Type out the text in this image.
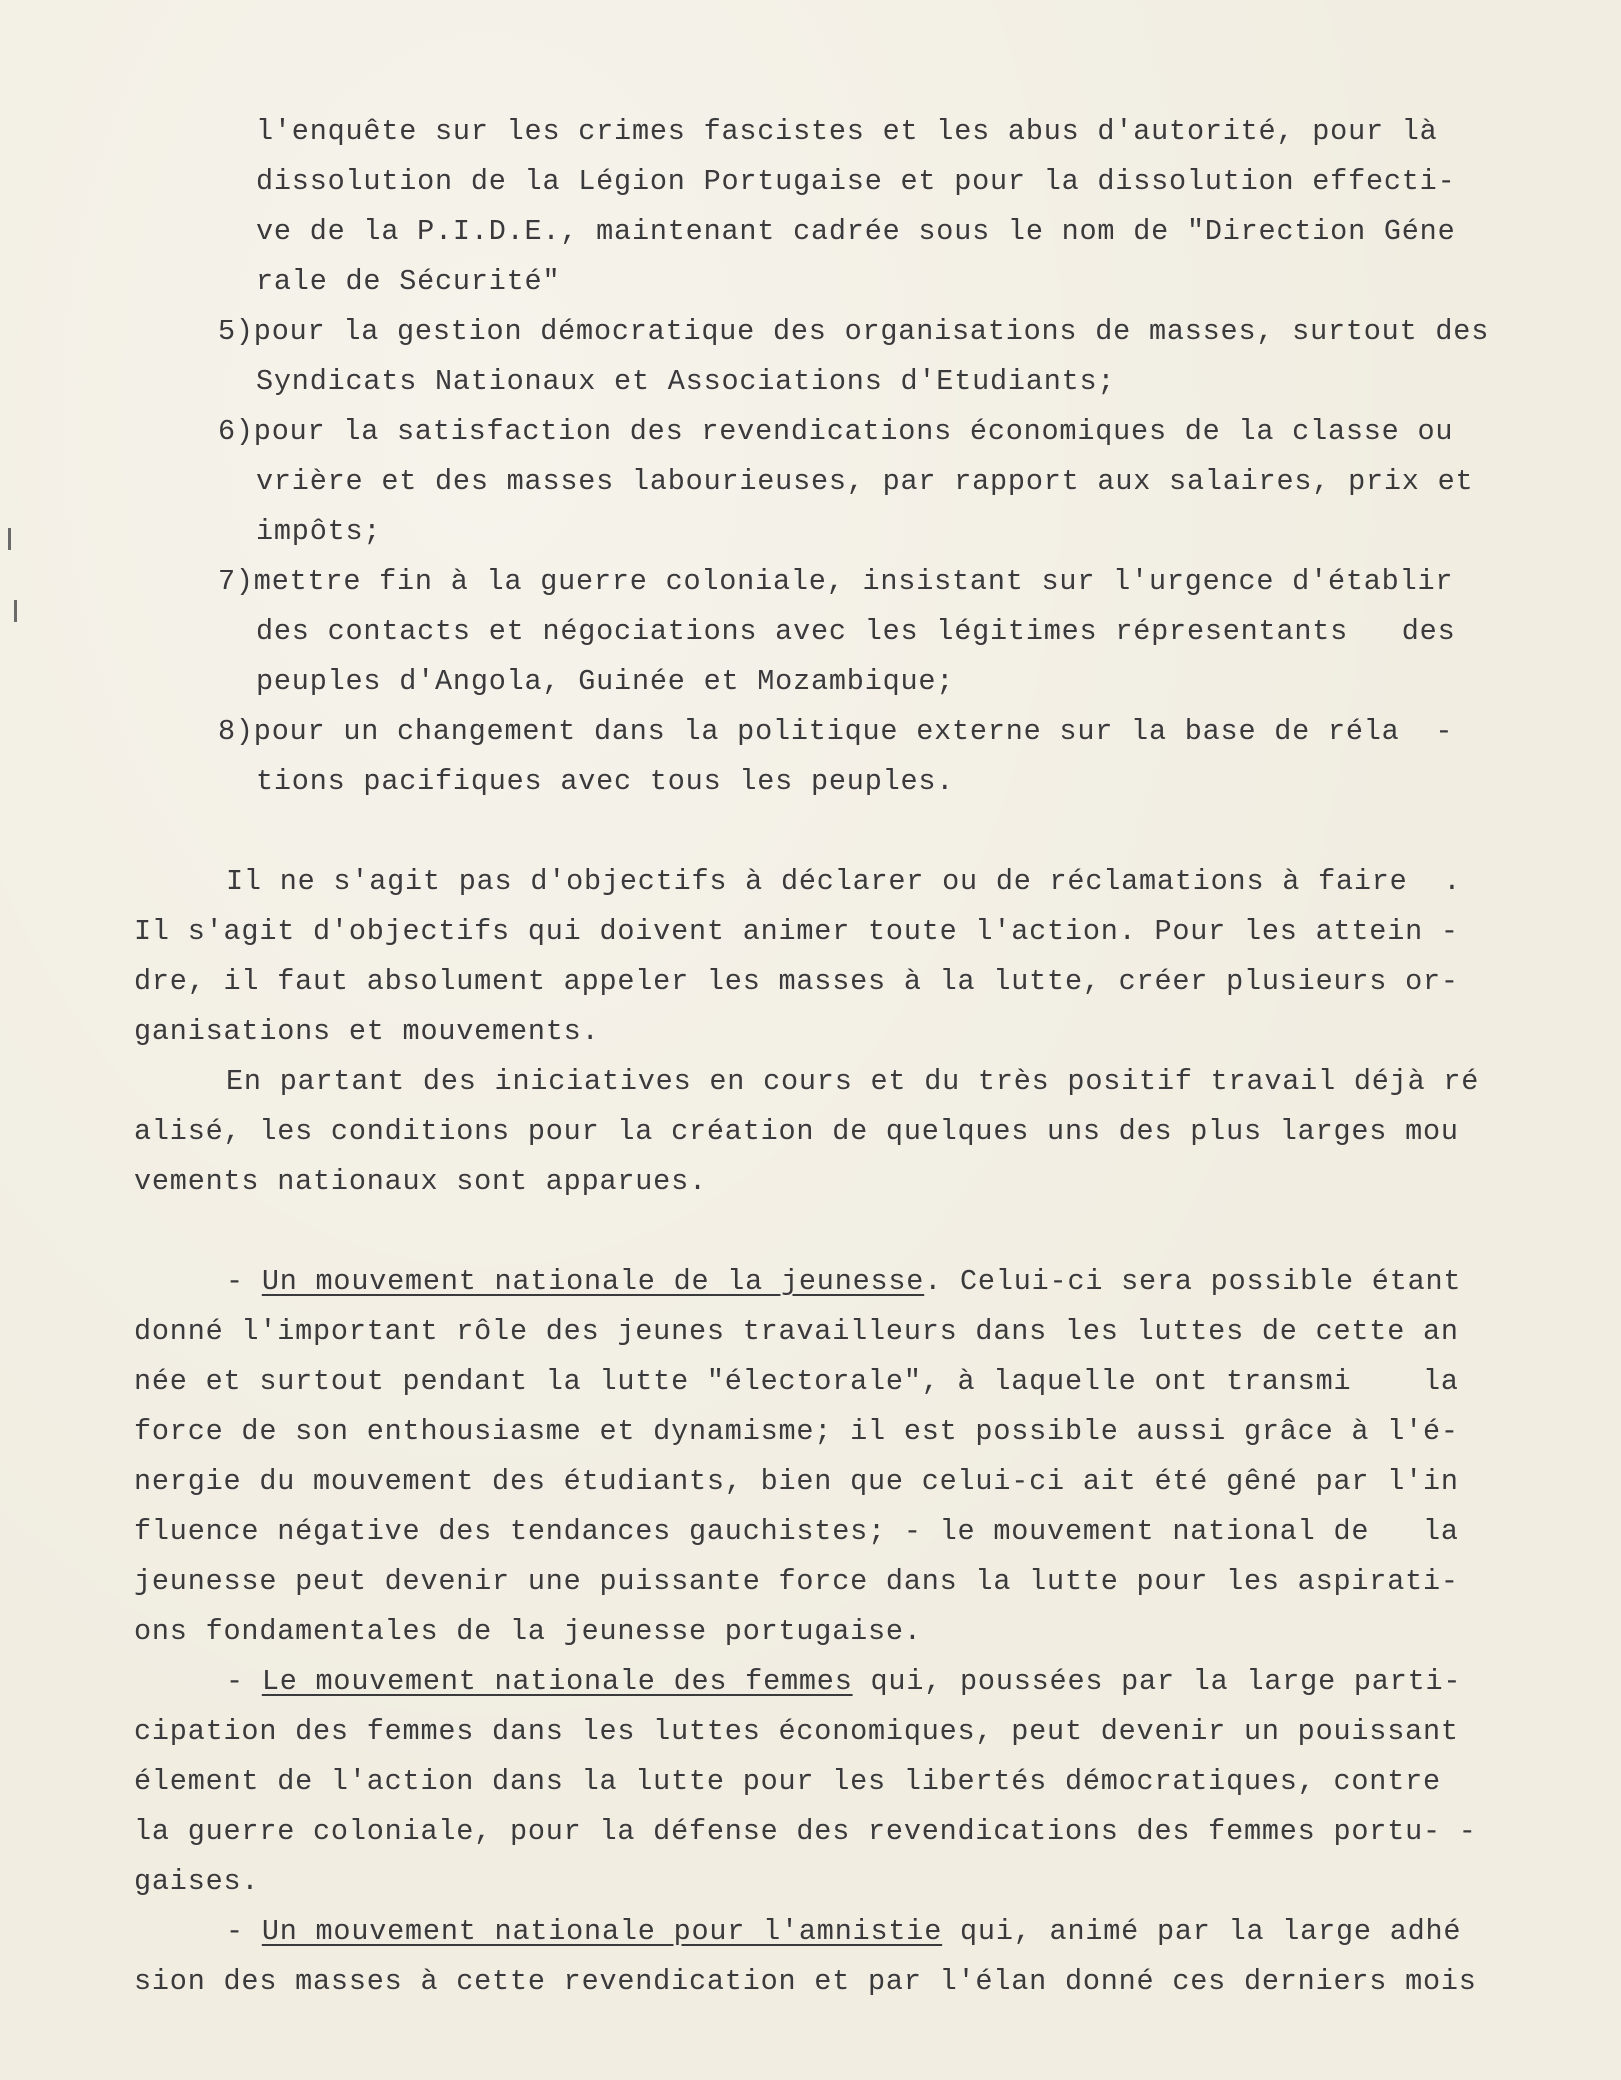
l'enquête sur les crimes fascistes et les abus d'autorité, pour là
dissolution de la Légion Portugaise et pour la dissolution effecti-
ve de la P.I.D.E., maintenant cadrée sous le nom de "Direction Géne
rale de Sécurité"
5)pour la gestion démocratique des organisations de masses, surtout des
Syndicats Nationaux et Associations d'Etudiants;
6)pour la satisfaction des revendications économiques de la classe ou
vrière et des masses labourieuses, par rapport aux salaires, prix et
impôts;
7)mettre fin à la guerre coloniale, insistant sur l'urgence d'établir
des contacts et négociations avec les légitimes répresentants   des
peuples d'Angola, Guinée et Mozambique;
8)pour un changement dans la politique externe sur la base de réla  -
tions pacifiques avec tous les peuples.
Il ne s'agit pas d'objectifs à déclarer ou de réclamations à faire  .
Il s'agit d'objectifs qui doivent animer toute l'action. Pour les attein -
dre, il faut absolument appeler les masses à la lutte, créer plusieurs or-
ganisations et mouvements.
En partant des iniciatives en cours et du très positif travail déjà ré
alisé, les conditions pour la création de quelques uns des plus larges mou
vements nationaux sont apparues.
- Un mouvement nationale de la jeunesse. Celui-ci sera possible étant
donné l'important rôle des jeunes travailleurs dans les luttes de cette an
née et surtout pendant la lutte "électorale", à laquelle ont transmi    la
force de son enthousiasme et dynamisme; il est possible aussi grâce à l'é-
nergie du mouvement des étudiants, bien que celui-ci ait été gêné par l'in
fluence négative des tendances gauchistes; - le mouvement national de   la
jeunesse peut devenir une puissante force dans la lutte pour les aspirati-
ons fondamentales de la jeunesse portugaise.
- Le mouvement nationale des femmes qui, poussées par la large parti-
cipation des femmes dans les luttes économiques, peut devenir un pouissant
élement de l'action dans la lutte pour les libertés démocratiques, contre
la guerre coloniale, pour la défense des revendications des femmes portu- -
gaises.
- Un mouvement nationale pour l'amnistie qui, animé par la large adhé
sion des masses à cette revendication et par l'élan donné ces derniers mois
